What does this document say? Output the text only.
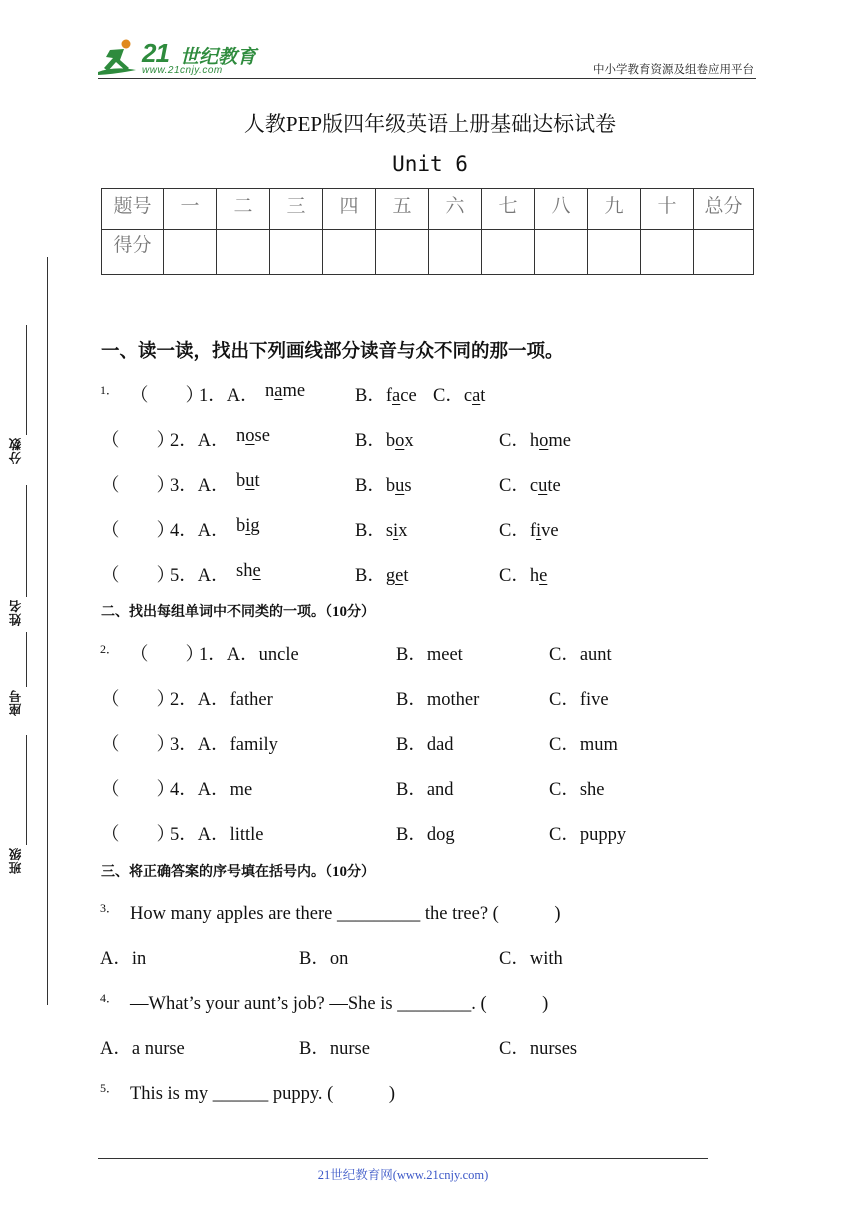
21 世纪教育
www.21cnjy.com	中小学教育资源及组卷应用平台
人教PEP版四年级英语上册基础达标试卷
Unit 6
题号	一	二	三	四	五	六	七	八	九	十	总分
得分											
分数
姓名
座号
班级
一、读一读，找出下列画线部分读音与众不同的那一项。
1． （　　）
1．A． name	B．face C．cat
（　　）
2．A． nose	B．box	C．home
（　　）
3．A． but	B．bus	C．cute
（　　）
4．A． big	B．six	C．five
（　　）
5．A． she	B．get	C．he
二、找出每组单词中不同类的一项。（10分）
2． （　　）
1．A．uncle	B．meet	C．aunt
（　　）
2．A．father	B．mother	C．five
（　　）
3．A．family	B．dad	C．mum
（　　）
4．A．me	B．and	C．she
（　　）
5．A．little	B．dog	C．puppy
三、将正确答案的序号填在括号内。（10分）
3． How many apples are there _________ the tree? (　　　)
A．in	B．on	C．with
4． —What’s your aunt’s job? —She is ________. (　　　)
A．a nurse	B．nurse	C．nurses
5． This is my ______ puppy. (　　　)
21世纪教育网(www.21cnjy.com)
